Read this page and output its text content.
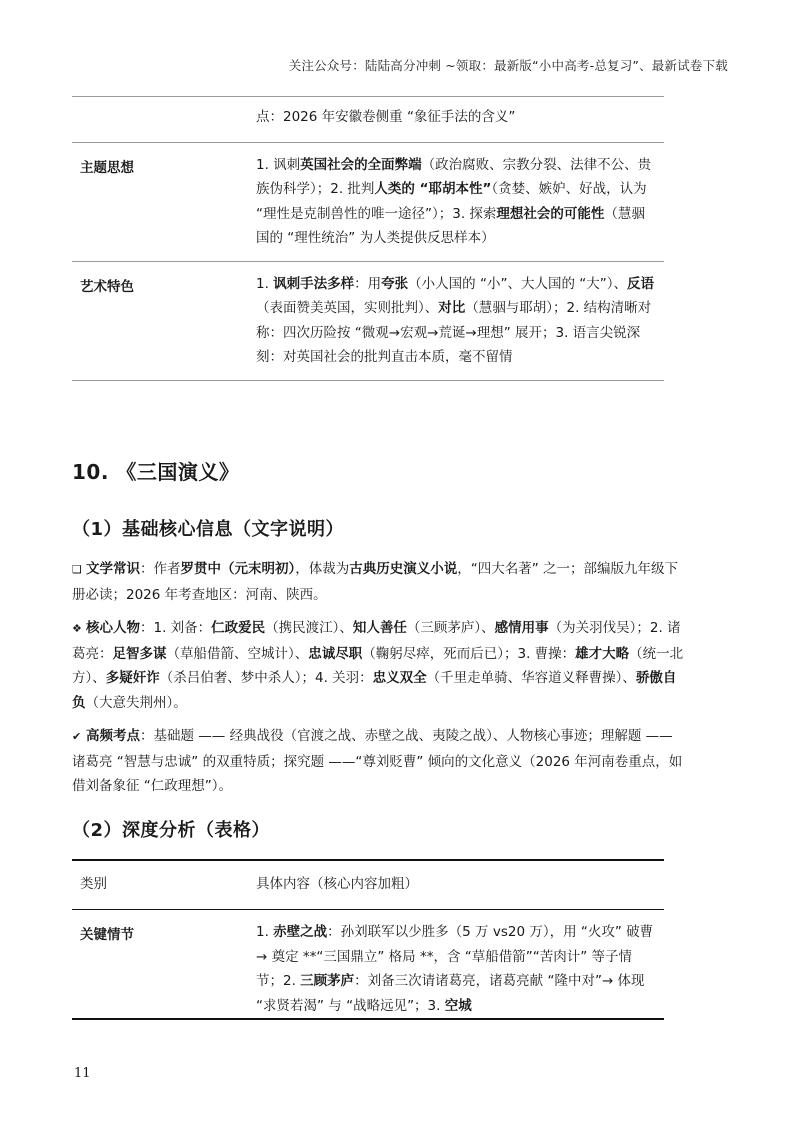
关注公众号：陆陆高分冲刺 ~领取：最新版“小中高考-总复习”、最新试卷下载
点：2026 年安徽卷侧重 “象征手法的含义”
主题思想	1. 讽刺英国社会的全面弊端（政治腐败、宗教分裂、法律不公、贵族伪科学）；2. 批判人类的 “耶胡本性”（贪婪、嫉妒、好战，认为 “理性是克制兽性的唯一途径”）；3. 探索理想社会的可能性（慧骃国的 “理性统治” 为人类提供反思样本）
艺术特色	1. 讽刺手法多样：用夸张（小人国的 “小”、大人国的 “大”）、反语（表面赞美英国，实则批判）、对比（慧骃与耶胡）；2. 结构清晰对称：四次历险按 “微观→宏观→荒诞→理想” 展开；3. 语言尖锐深刻：对英国社会的批判直击本质，毫不留情
10. 《三国演义》
（1）基础核心信息（文字说明）
❑ 文学常识：作者罗贯中（元末明初），体裁为古典历史演义小说，“四大名著” 之一；部编版九年级下册必读；2026 年考查地区：河南、陕西。
❖ 核心人物：1. 刘备：仁政爱民（携民渡江）、知人善任（三顾茅庐）、感情用事（为关羽伐吴）；2. 诸葛亮：足智多谋（草船借箭、空城计）、忠诚尽职（鞠躬尽瘁，死而后已）；3. 曹操：雄才大略（统一北方）、多疑奸诈（杀吕伯奢、梦中杀人）；4. 关羽：忠义双全（千里走单骑、华容道义释曹操）、骄傲自负（大意失荆州）。
✔ 高频考点：基础题 —— 经典战役（官渡之战、赤壁之战、夷陵之战）、人物核心事迹；理解题 —— 诸葛亮 “智慧与忠诚” 的双重特质；探究题 ——“尊刘贬曹” 倾向的文化意义（2026 年河南卷重点，如借刘备象征 “仁政理想”）。
（2）深度分析（表格）
类别	具体内容（核心内容加粗）
关键情节	1. 赤壁之战：孙刘联军以少胜多（5 万 vs20 万），用 “火攻” 破曹→ 奠定 **“三国鼎立” 格局 **，含 “草船借箭”“苦肉计” 等子情节；2. 三顾茅庐：刘备三次请诸葛亮，诸葛亮献 “隆中对”→ 体现 “求贤若渴” 与 “战略远见”；3. 空城
11
